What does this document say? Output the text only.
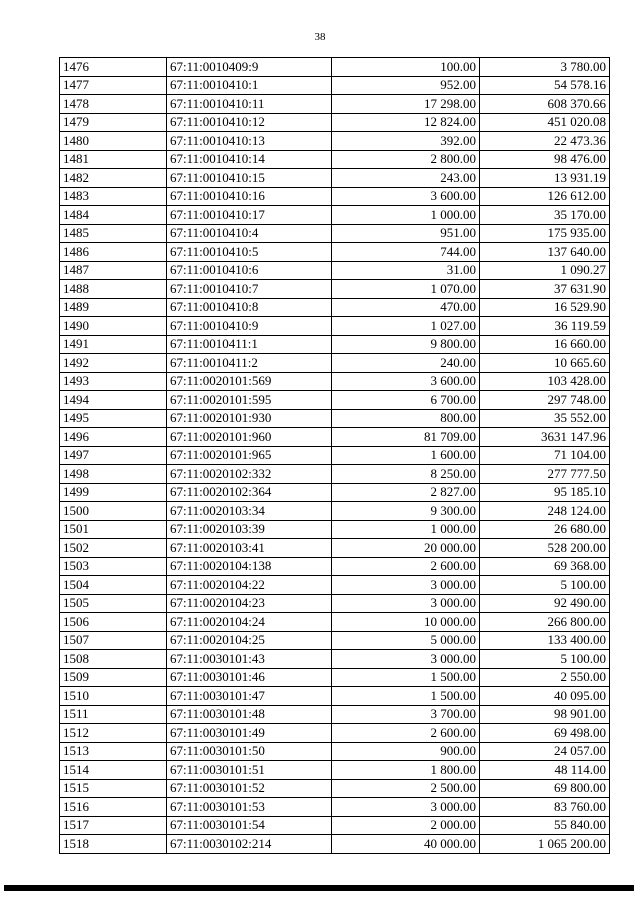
38
1476	67:11:0010409:9	100.00	3 780.00
1477	67:11:0010410:1	952.00	54 578.16
1478	67:11:0010410:11	17 298.00	608 370.66
1479	67:11:0010410:12	12 824.00	451 020.08
1480	67:11:0010410:13	392.00	22 473.36
1481	67:11:0010410:14	2 800.00	98 476.00
1482	67:11:0010410:15	243.00	13 931.19
1483	67:11:0010410:16	3 600.00	126 612.00
1484	67:11:0010410:17	1 000.00	35 170.00
1485	67:11:0010410:4	951.00	175 935.00
1486	67:11:0010410:5	744.00	137 640.00
1487	67:11:0010410:6	31.00	1 090.27
1488	67:11:0010410:7	1 070.00	37 631.90
1489	67:11:0010410:8	470.00	16 529.90
1490	67:11:0010410:9	1 027.00	36 119.59
1491	67:11:0010411:1	9 800.00	16 660.00
1492	67:11:0010411:2	240.00	10 665.60
1493	67:11:0020101:569	3 600.00	103 428.00
1494	67:11:0020101:595	6 700.00	297 748.00
1495	67:11:0020101:930	800.00	35 552.00
1496	67:11:0020101:960	81 709.00	3631 147.96
1497	67:11:0020101:965	1 600.00	71 104.00
1498	67:11:0020102:332	8 250.00	277 777.50
1499	67:11:0020102:364	2 827.00	95 185.10
1500	67:11:0020103:34	9 300.00	248 124.00
1501	67:11:0020103:39	1 000.00	26 680.00
1502	67:11:0020103:41	20 000.00	528 200.00
1503	67:11:0020104:138	2 600.00	69 368.00
1504	67:11:0020104:22	3 000.00	5 100.00
1505	67:11:0020104:23	3 000.00	92 490.00
1506	67:11:0020104:24	10 000.00	266 800.00
1507	67:11:0020104:25	5 000.00	133 400.00
1508	67:11:0030101:43	3 000.00	5 100.00
1509	67:11:0030101:46	1 500.00	2 550.00
1510	67:11:0030101:47	1 500.00	40 095.00
1511	67:11:0030101:48	3 700.00	98 901.00
1512	67:11:0030101:49	2 600.00	69 498.00
1513	67:11:0030101:50	900.00	24 057.00
1514	67:11:0030101:51	1 800.00	48 114.00
1515	67:11:0030101:52	2 500.00	69 800.00
1516	67:11:0030101:53	3 000.00	83 760.00
1517	67:11:0030101:54	2 000.00	55 840.00
1518	67:11:0030102:214	40 000.00	1 065 200.00
